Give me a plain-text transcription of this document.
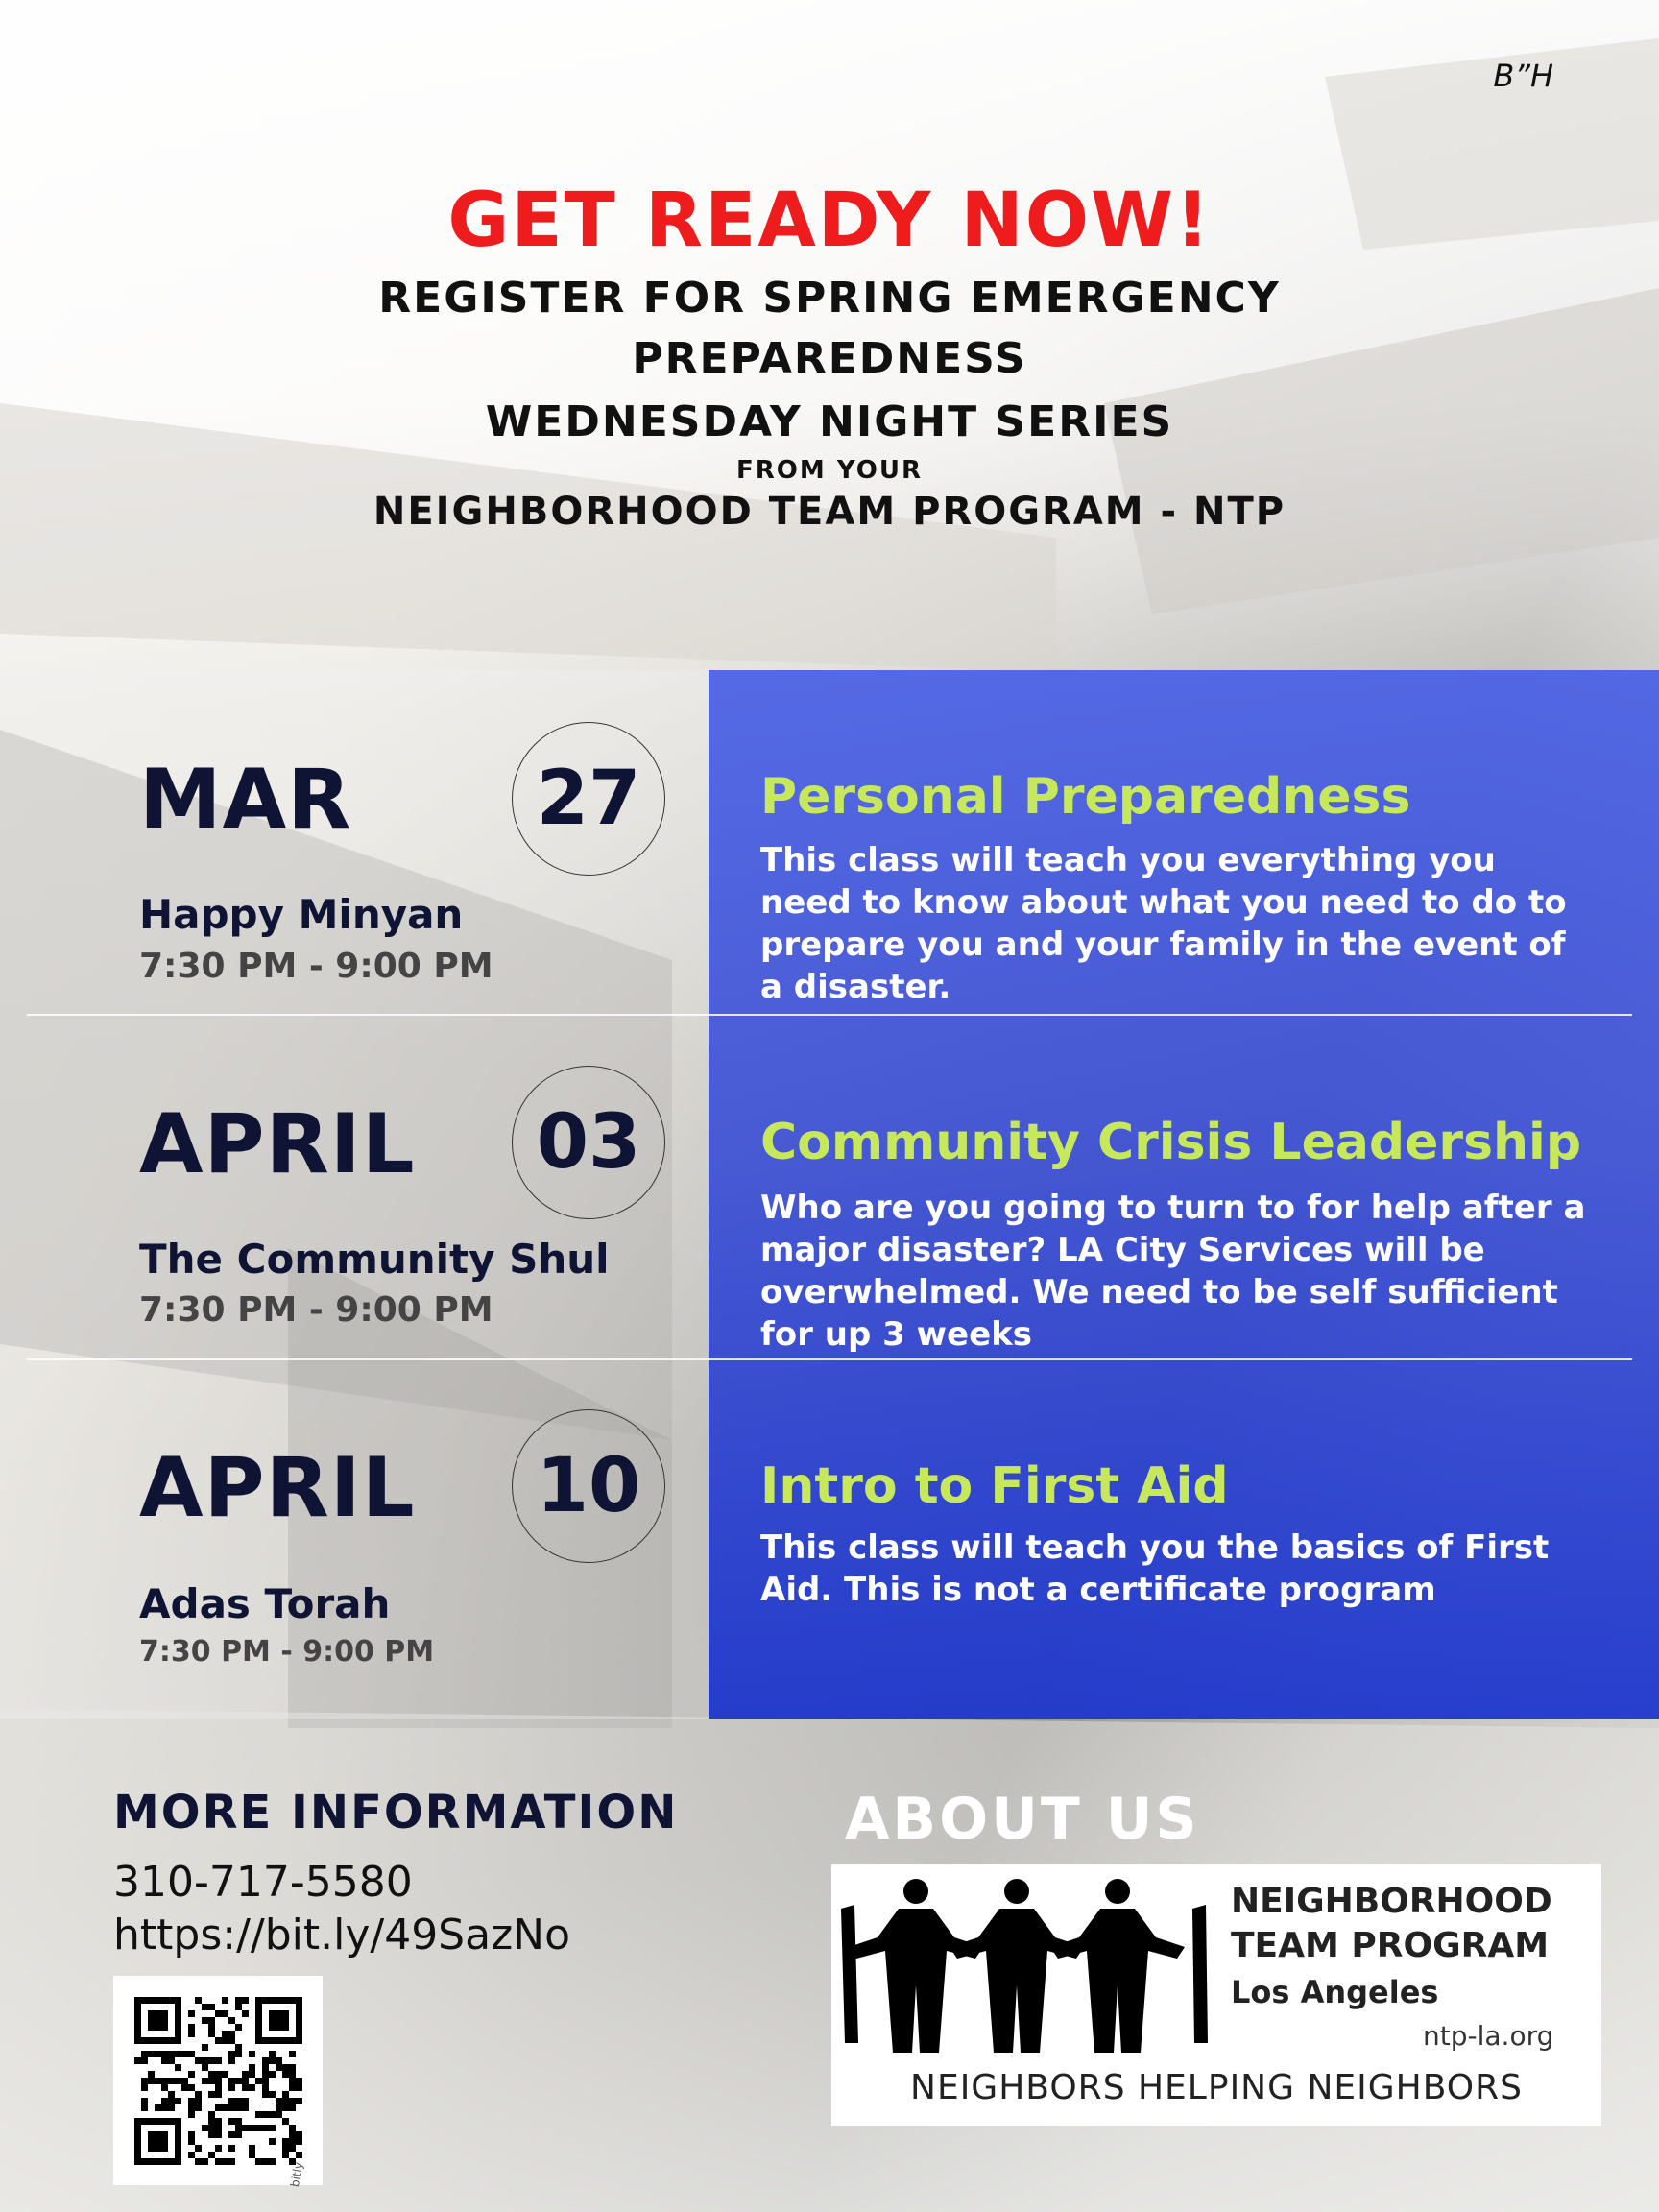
B”H
GET READY NOW!
REGISTER FOR SPRING EMERGENCY
PREPAREDNESS
WEDNESDAY NIGHT SERIES
FROM YOUR
NEIGHBORHOOD TEAM PROGRAM - NTP
MAR	27
Happy Minyan
7:30 PM - 9:00 PM
Personal Preparedness
This class will teach you everything you need to know about what you need to do to prepare you and your family in the event of a disaster.
APRIL	03
The Community Shul
7:30 PM - 9:00 PM
Community Crisis Leadership
Who are you going to turn to for help after a major disaster? LA City Services will be overwhelmed. We need to be self sufficient for up 3 weeks
APRIL	10
Adas Torah
7:30 PM - 9:00 PM
Intro to First Aid
This class will teach you the basics of First Aid. This is not a certificate program
MORE INFORMATION
310-717-5580
https://bit.ly/49SazNo
bitly
ABOUT US
NEIGHBORHOOD
TEAM PROGRAM
Los Angeles
ntp-la.org
NEIGHBORS HELPING NEIGHBORS
